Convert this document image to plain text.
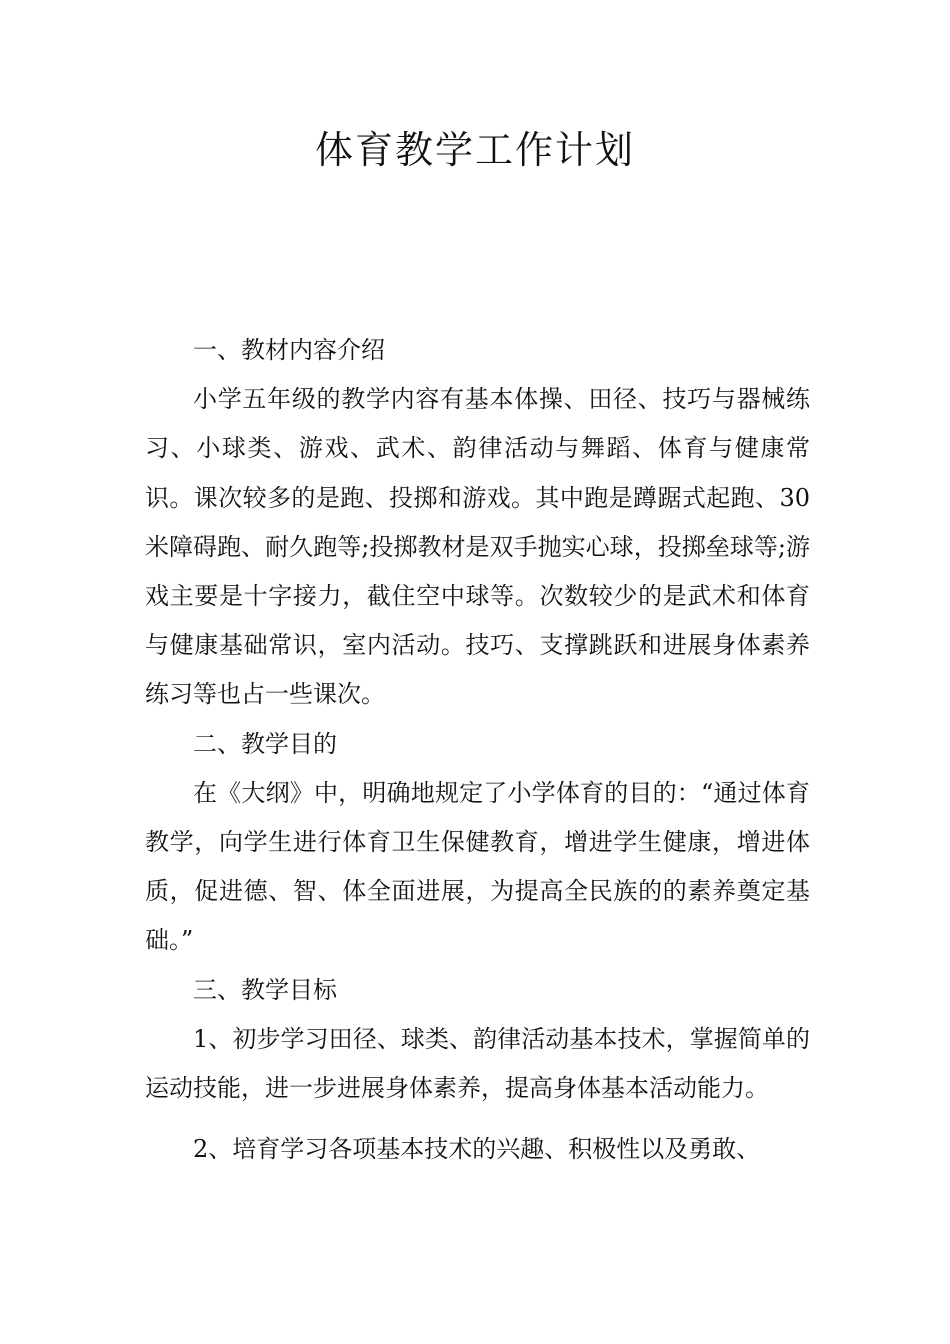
体育教学工作计划

一、教材内容介绍

小学五年级的教学内容有基本体操、田径、技巧与器械练习、小球类、游戏、武术、韵律活动与舞蹈、体育与健康常识。课次较多的是跑、投掷和游戏。其中跑是蹲踞式起跑、30米障碍跑、耐久跑等;投掷教材是双手抛实心球，投掷垒球等;游戏主要是十字接力，截住空中球等。次数较少的是武术和体育与健康基础常识，室内活动。技巧、支撑跳跃和进展身体素养练习等也占一些课次。

二、教学目的

在《大纲》中，明确地规定了小学体育的目的：“通过体育教学，向学生进行体育卫生保健教育，增进学生健康，增进体质，促进德、智、体全面进展，为提高全民族的的素养奠定基础。”

三、教学目标

1、初步学习田径、球类、韵律活动基本技术，掌握简单的运动技能，进一步进展身体素养，提高身体基本活动能力。

2、培育学习各项基本技术的兴趣、积极性以及勇敢、
